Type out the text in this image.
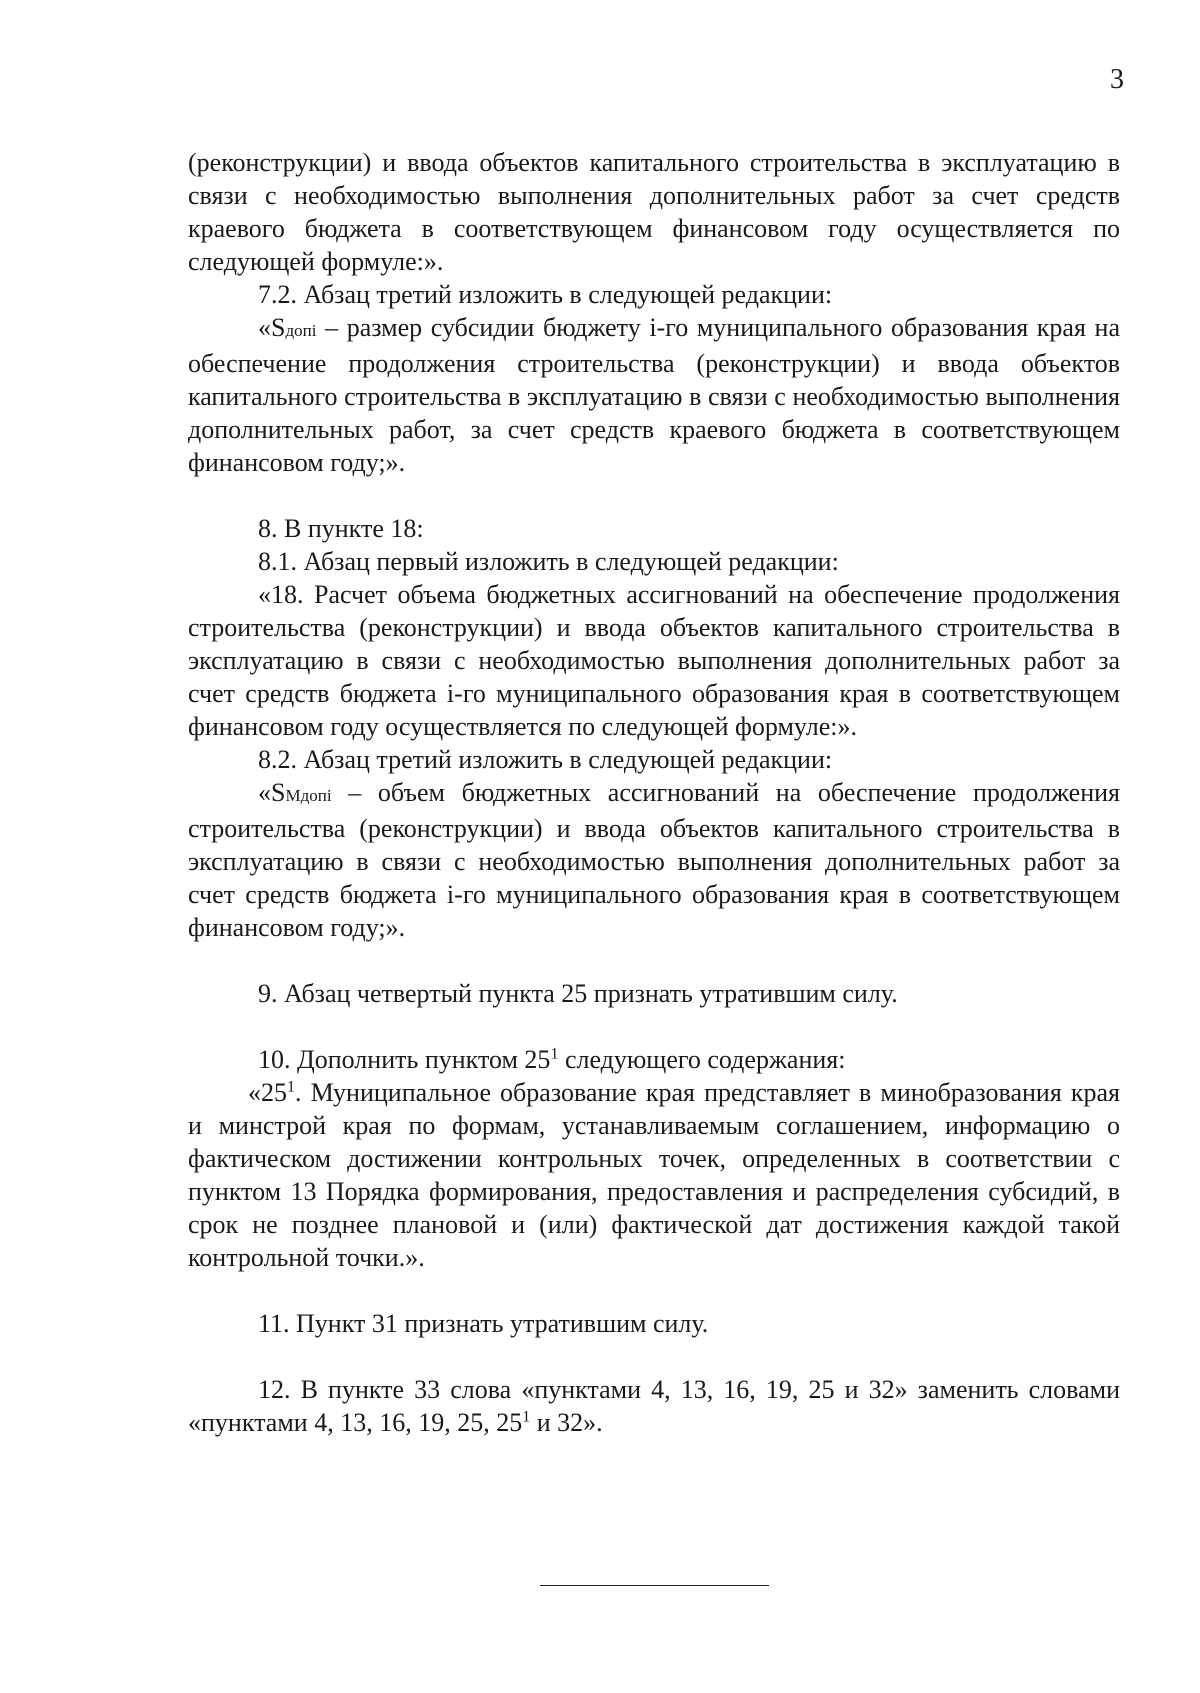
3

(реконструкции) и ввода объектов капитального строительства в эксплуатацию в связи с необходимостью выполнения дополнительных работ за счет средств краевого бюджета в соответствующем финансовом году осуществляется по следующей формуле:».

7.2. Абзац третий изложить в следующей редакции:

«Sдопi – размер субсидии бюджету i-го муниципального образования края на обеспечение продолжения строительства (реконструкции) и ввода объектов капитального строительства в эксплуатацию в связи с необходимостью выполнения дополнительных работ, за счет средств краевого бюджета в соответствующем финансовом году;».

8. В пункте 18:

8.1. Абзац первый изложить в следующей редакции:

«18. Расчет объема бюджетных ассигнований на обеспечение продолжения строительства (реконструкции) и ввода объектов капитального строительства в эксплуатацию в связи с необходимостью выполнения дополнительных работ за счет средств бюджета i-го муниципального образования края в соответствующем финансовом году осуществляется по следующей формуле:».

8.2. Абзац третий изложить в следующей редакции:

«SМдопi – объем бюджетных ассигнований на обеспечение продолжения строительства (реконструкции) и ввода объектов капитального строительства в эксплуатацию в связи с необходимостью выполнения дополнительных работ за счет средств бюджета i-го муниципального образования края в соответствующем финансовом году;».

9. Абзац четвертый пункта 25 признать утратившим силу.

10. Дополнить пунктом $25^1$ следующего содержания:

«$25^1$. Муниципальное образование края представляет в минобразования края и минстрой края по формам, устанавливаемым соглашением, информацию о фактическом достижении контрольных точек, определенных в соответствии с пунктом 13 Порядка формирования, предоставления и распределения субсидий, в срок не позднее плановой и (или) фактической дат достижения каждой такой контрольной точки.».

11. Пункт 31 признать утратившим силу.

12. В пункте 33 слова «пунктами 4, 13, 16, 19, 25 и 32» заменить словами «пунктами 4, 13, 16, 19, 25, $25^1$ и 32».
